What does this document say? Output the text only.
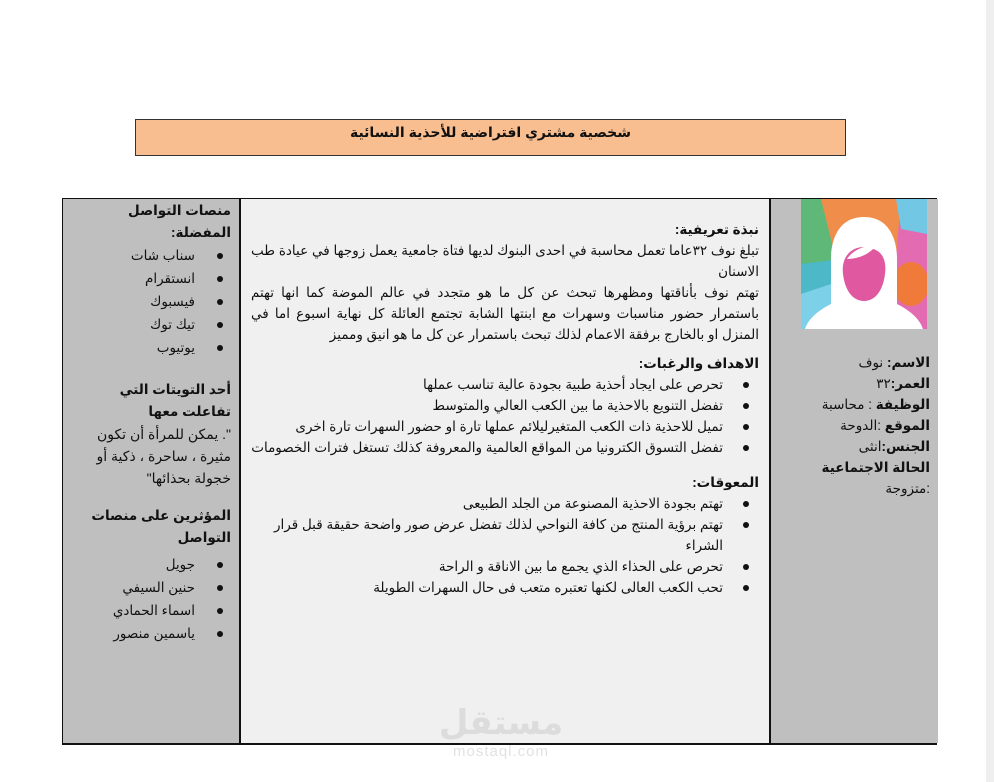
شخصية مشتري افتراضية للأحذية النسائية
منصات التواصل المفضلة:
سناب شات
انستقرام
فيسبوك
تيك توك
يوتيوب
أحد التويتات التي تفاعلت معها
". يمكن للمرأة أن تكون مثيرة ، ساحرة ، ذكية أو خجولة بحذائها"
المؤثرين على منصات التواصل
جويل
حنين السيفي
اسماء الحمادي
ياسمين منصور
نبذة تعريفية:
تبلغ نوف ٣٢عاما تعمل محاسبة في احدى البنوك لديها فتاة جامعية يعمل زوجها في عيادة طب الاسنان
تهتم نوف بأناقتها ومظهرها تبحث عن كل ما هو متجدد في عالم الموضة كما انها تهتم باستمرار حضور مناسبات وسهرات مع ابنتها الشابة تجتمع العائلة كل نهاية اسبوع اما في المنزل او بالخارج برفقة الاعمام لذلك تبحث باستمرار عن كل ما هو انيق ومميز
الاهداف والرغبات:
تحرص على ايجاد أحذية طبية بجودة عالية تناسب عملها
تفضل التنويع بالاحذية ما بين الكعب العالي والمتوسط
تميل للاحذية ذات الكعب المتغيرليلائم عملها تارة او حضور السهرات تارة اخرى
تفضل التسوق الكترونيا من المواقع العالمية والمعروفة كذلك تستغل فترات الخصومات
المعوقات:
تهتم بجودة الاحذية المصنوعة من الجلد الطبيعى
تهتم برؤية المنتج من كافة النواحي لذلك تفضل عرض صور واضحة حقيقة قبل قرار الشراء
تحرص على الحذاء الذي يجمع ما بين الاناقة و الراحة
تحب الكعب العالى لكنها تعتبره متعب فى حال السهرات الطويلة
الاسم: نوف
العمر:٣٢
الوظيفة : محاسبة
الموقع :الدوحة
الجنس:انثى
الحالة الاجتماعية
:متزوجة
مستقل
mostaql.com
